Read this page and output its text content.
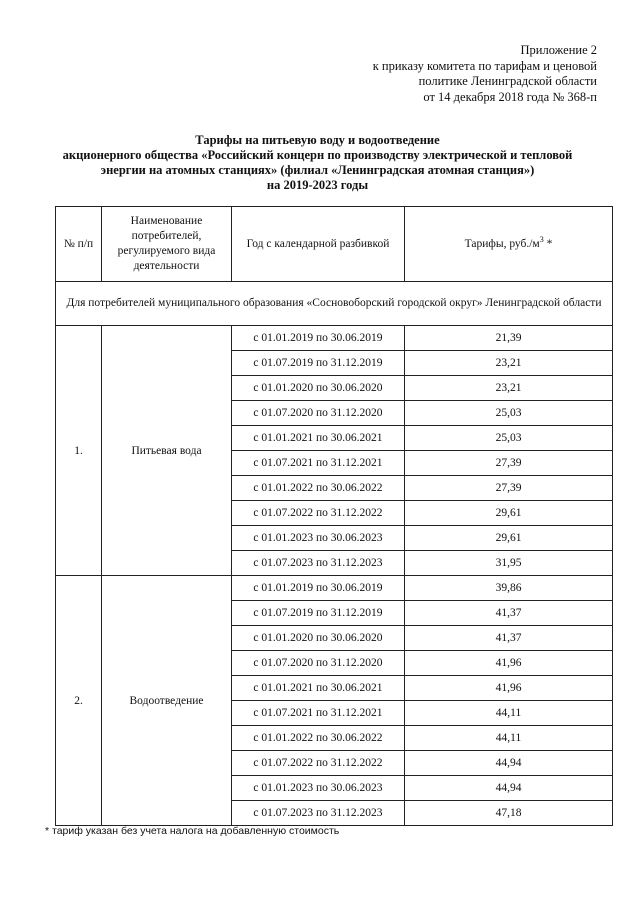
Приложение 2
к приказу комитета по тарифам и ценовой
политике Ленинградской области
от 14 декабря 2018 года № 368-п
Тарифы на питьевую воду и водоотведение
акционерного общества «Российский концерн по производству электрической и тепловой
энергии на атомных станциях» (филиал «Ленинградская атомная станция»)
на 2019-2023 годы
№ п/п	Наименование потребителей, регулируемого вида деятельности	Год с календарной разбивкой	Тарифы, $руб./м^3$ *
Для потребителей муниципального образования «Сосновоборский городской округ» Ленинградской области			
1.	Питьевая вода	с 01.01.2019 по 30.06.2019	21,39
		с 01.07.2019 по 31.12.2019	23,21
		с 01.01.2020 по 30.06.2020	23,21
		с 01.07.2020 по 31.12.2020	25,03
		с 01.01.2021 по 30.06.2021	25,03
		с 01.07.2021 по 31.12.2021	27,39
		с 01.01.2022 по 30.06.2022	27,39
		с 01.07.2022 по 31.12.2022	29,61
		с 01.01.2023 по 30.06.2023	29,61
		с 01.07.2023 по 31.12.2023	31,95
2.	Водоотведение	с 01.01.2019 по 30.06.2019	39,86
		с 01.07.2019 по 31.12.2019	41,37
		с 01.01.2020 по 30.06.2020	41,37
		с 01.07.2020 по 31.12.2020	41,96
		с 01.01.2021 по 30.06.2021	41,96
		с 01.07.2021 по 31.12.2021	44,11
		с 01.01.2022 по 30.06.2022	44,11
		с 01.07.2022 по 31.12.2022	44,94
		с 01.01.2023 по 30.06.2023	44,94
		с 01.07.2023 по 31.12.2023	47,18
* тариф указан без учета налога на добавленную стоимость
